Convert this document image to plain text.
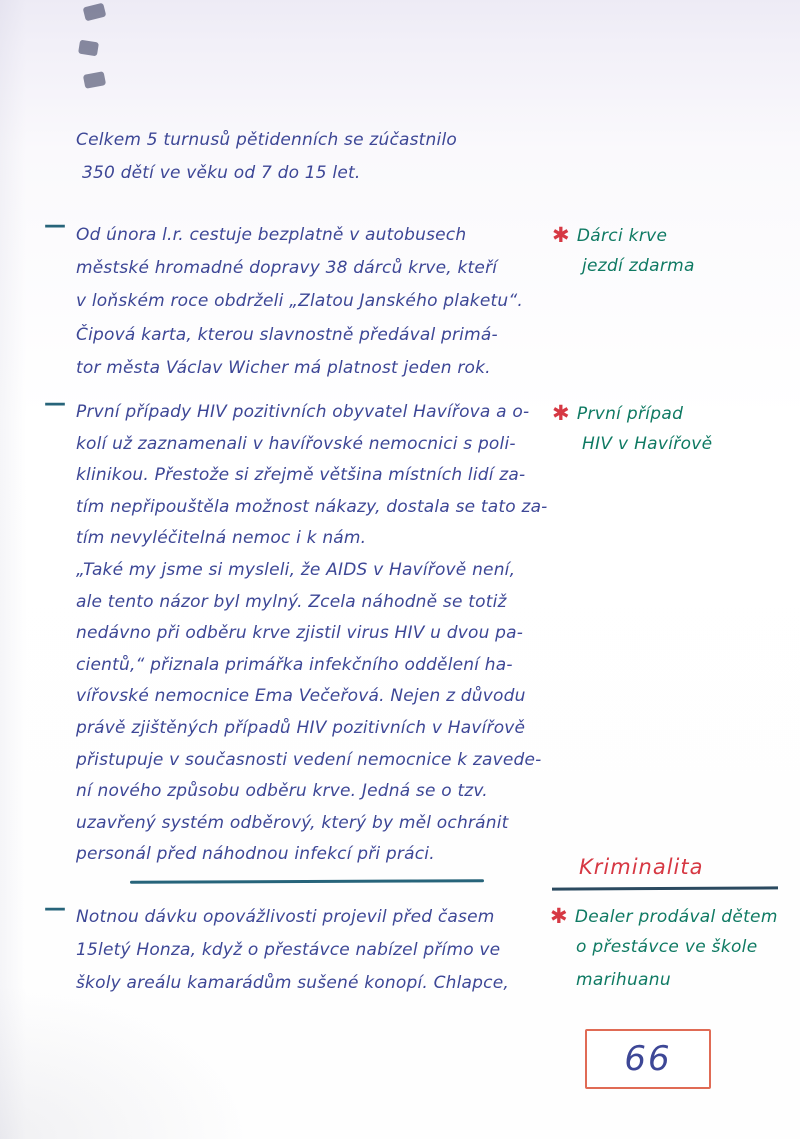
Celkem 5 turnusů pětidenních se zúčastnilo
350 dětí ve věku od 7 do 15 let.
— Od února l.r. cestuje bezplatně v autobusech
městské hromadné dopravy 38 dárců krve, kteří
v loňském roce obdrželi „Zlatou Janského plaketu“.
Čipová karta, kterou slavnostně předával primá-
tor města Václav Wicher má platnost jeden rok.
✱ Dárci krve
jezdí zdarma
— První případy HIV pozitivních obyvatel Havířova a o-
kolí už zaznamenali v havířovské nemocnici s poli-
klinikou. Přestože si zřejmě většina místních lidí za-
tím nepřipouštěla možnost nákazy, dostala se tato za-
tím nevyléčitelná nemoc i k nám.
„Také my jsme si mysleli, že AIDS v Havířově není,
ale tento názor byl mylný. Zcela náhodně se totiž
nedávno při odběru krve zjistil virus HIV u dvou pa-
cientů,“ přiznala primářka infekčního oddělení ha-
vířovské nemocnice Ema Večeřová. Nejen z důvodu
právě zjištěných případů HIV pozitivních v Havířově
přistupuje v současnosti vedení nemocnice k zavede-
ní nového způsobu odběru krve. Jedná se o tzv.
uzavřený systém odběrový, který by měl ochránit
personál před náhodnou infekcí při práci.
✱ První případ
HIV v Havířově
Kriminalita
— Notnou dávku opovážlivosti projevil před časem
15letý Honza, když o přestávce nabízel přímo ve
školy areálu kamarádům sušené konopí. Chlapce,
✱ Dealer prodával dětem
o přestávce ve škole
marihuanu
66
